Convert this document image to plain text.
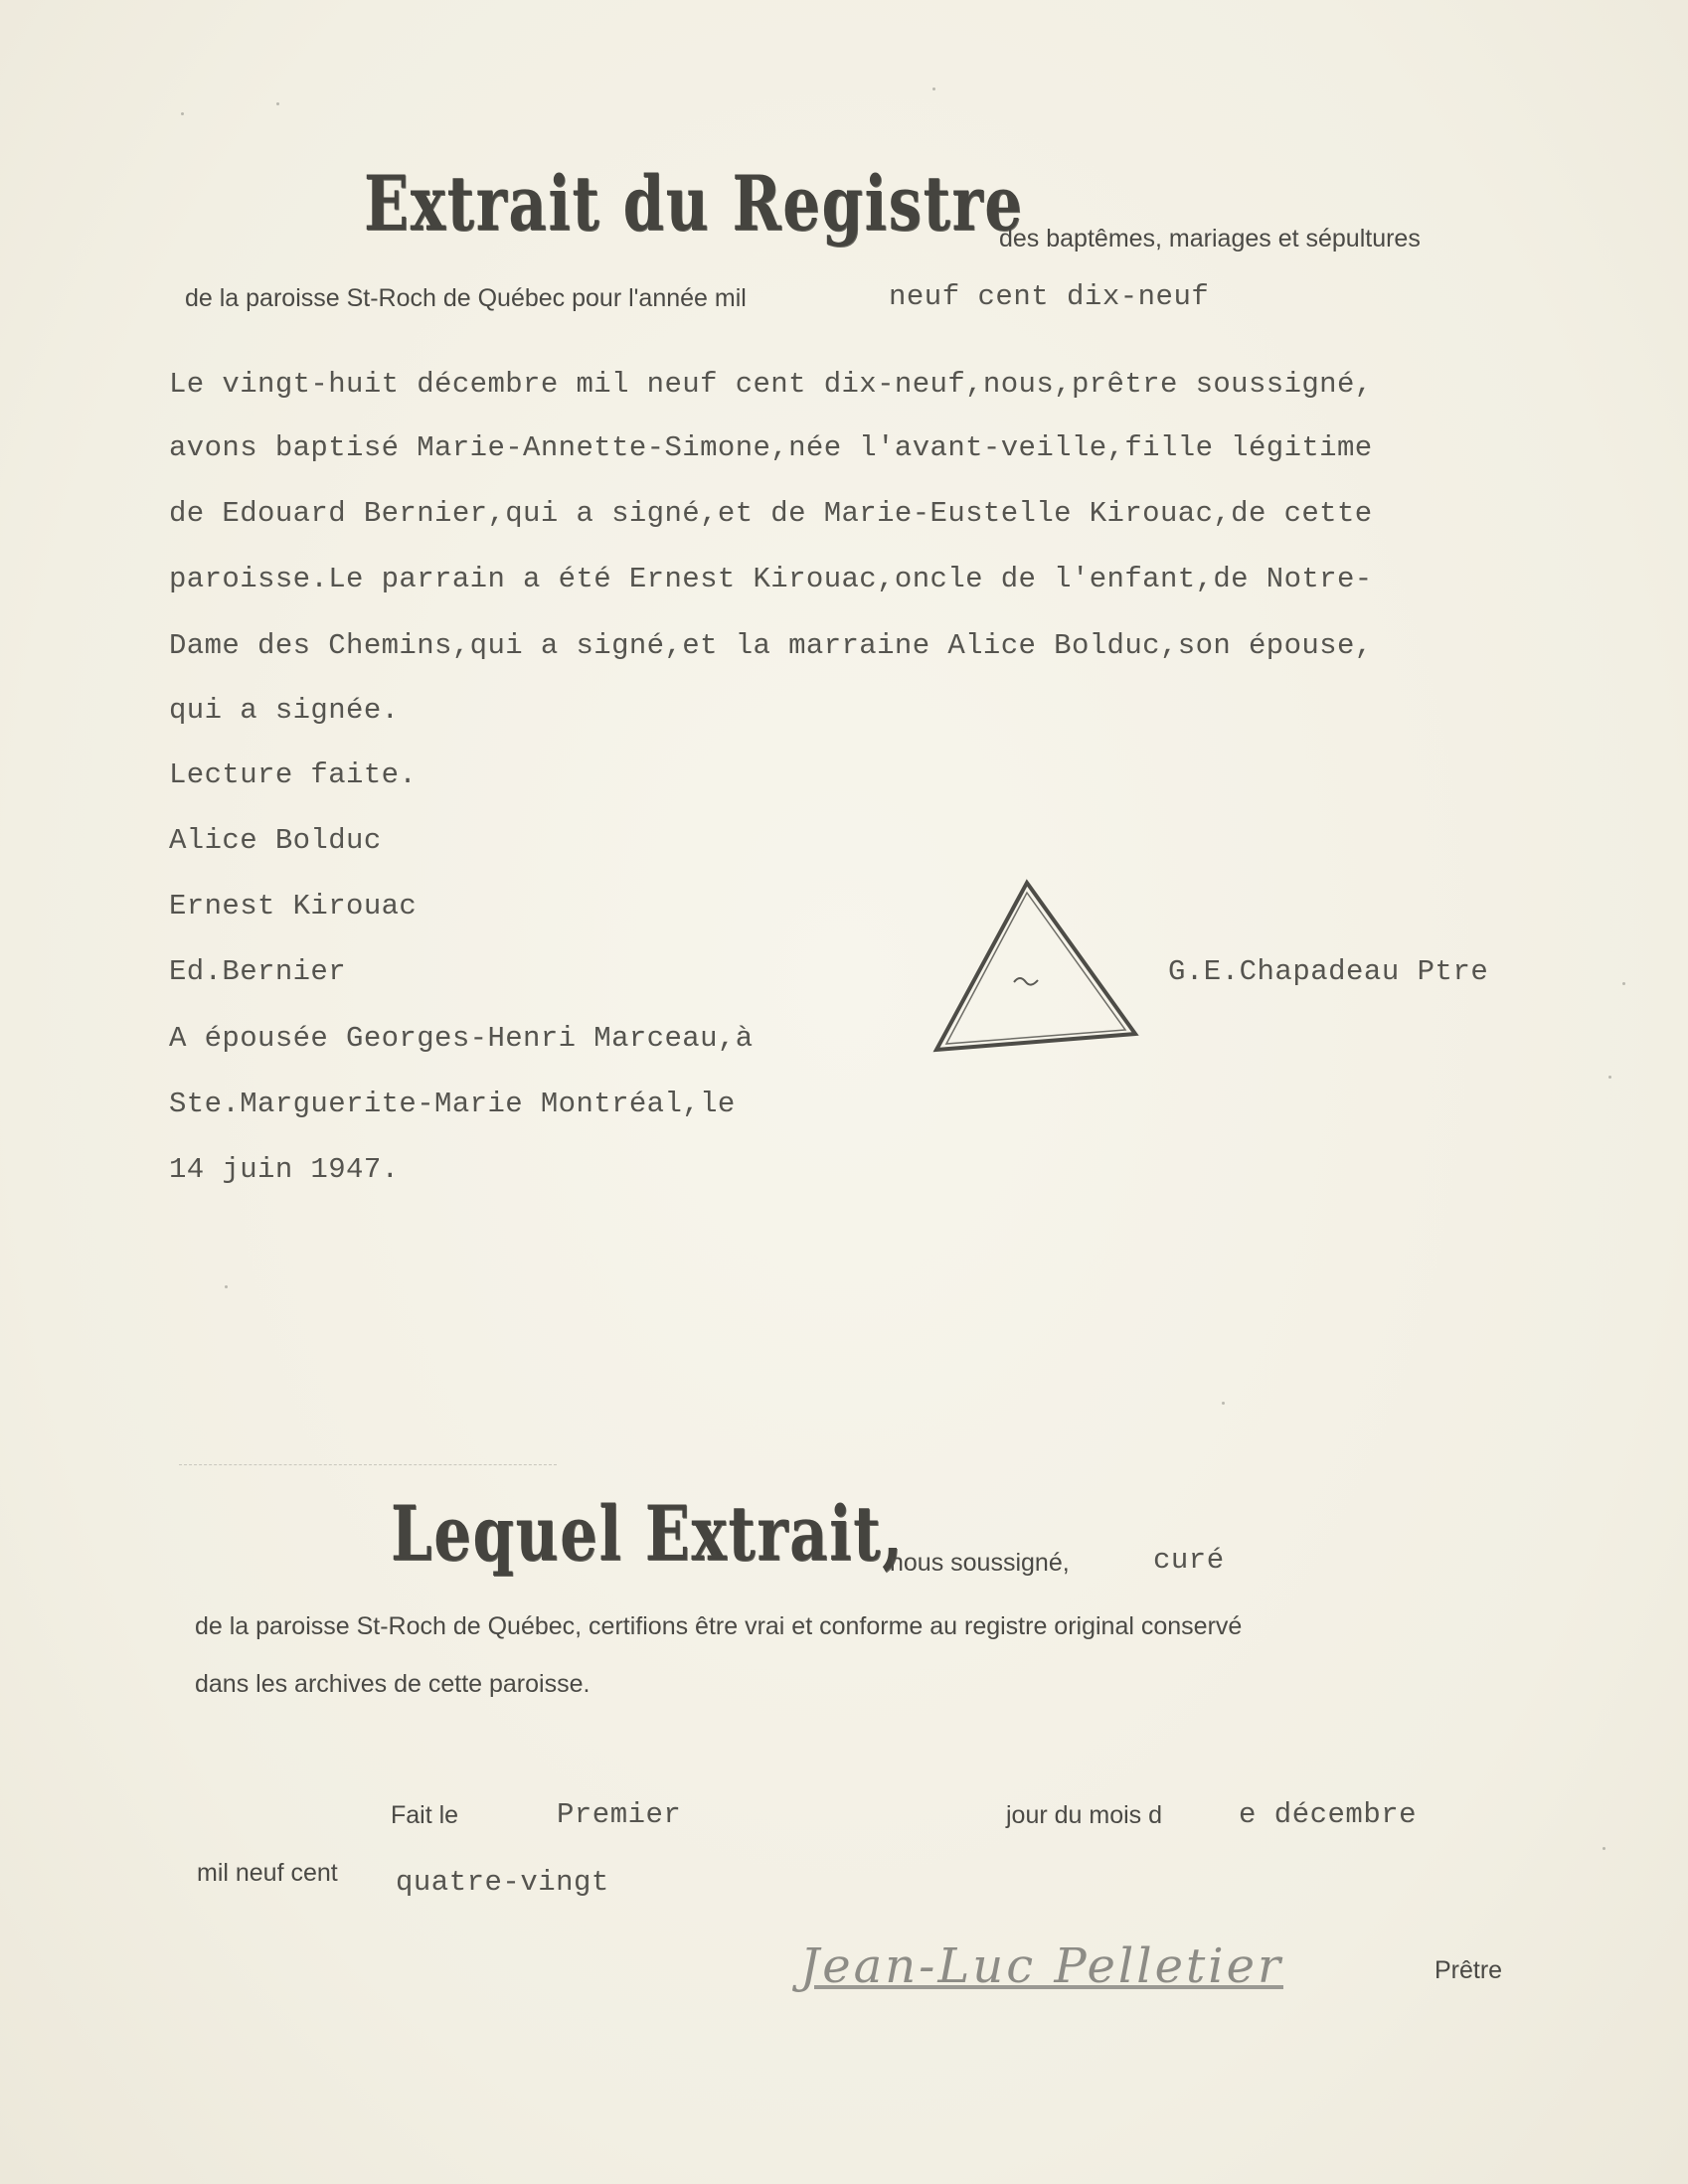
Extrait du Registre
des baptêmes, mariages et sépultures
de la paroisse St-Roch de Québec pour l'année mil	neuf cent dix-neuf
Le vingt-huit décembre mil neuf cent dix-neuf,nous,prêtre soussigné,
avons baptisé Marie-Annette-Simone,née l'avant-veille,fille légitime
de Edouard Bernier,qui a signé,et de Marie-Eustelle Kirouac,de cette
paroisse.Le parrain a été Ernest Kirouac,oncle de l'enfant,de Notre-
Dame des Chemins,qui a signé,et la marraine Alice Bolduc,son épouse,
qui a signée.
Lecture faite.
Alice Bolduc
Ernest Kirouac
Ed.Bernier
A épousée Georges-Henri Marceau,à
Ste.Marguerite-Marie Montréal,le
14 juin 1947.
G.E.Chapadeau Ptre
Lequel Extrait,
nous soussigné,	curé
de la paroisse St-Roch de Québec, certifions être vrai et conforme au registre original conservé
dans les archives de cette paroisse.
Fait le	Premier	jour du mois d	e décembre
mil neuf cent quatre-vingt
Jean-Luc Pelletier	Prêtre
